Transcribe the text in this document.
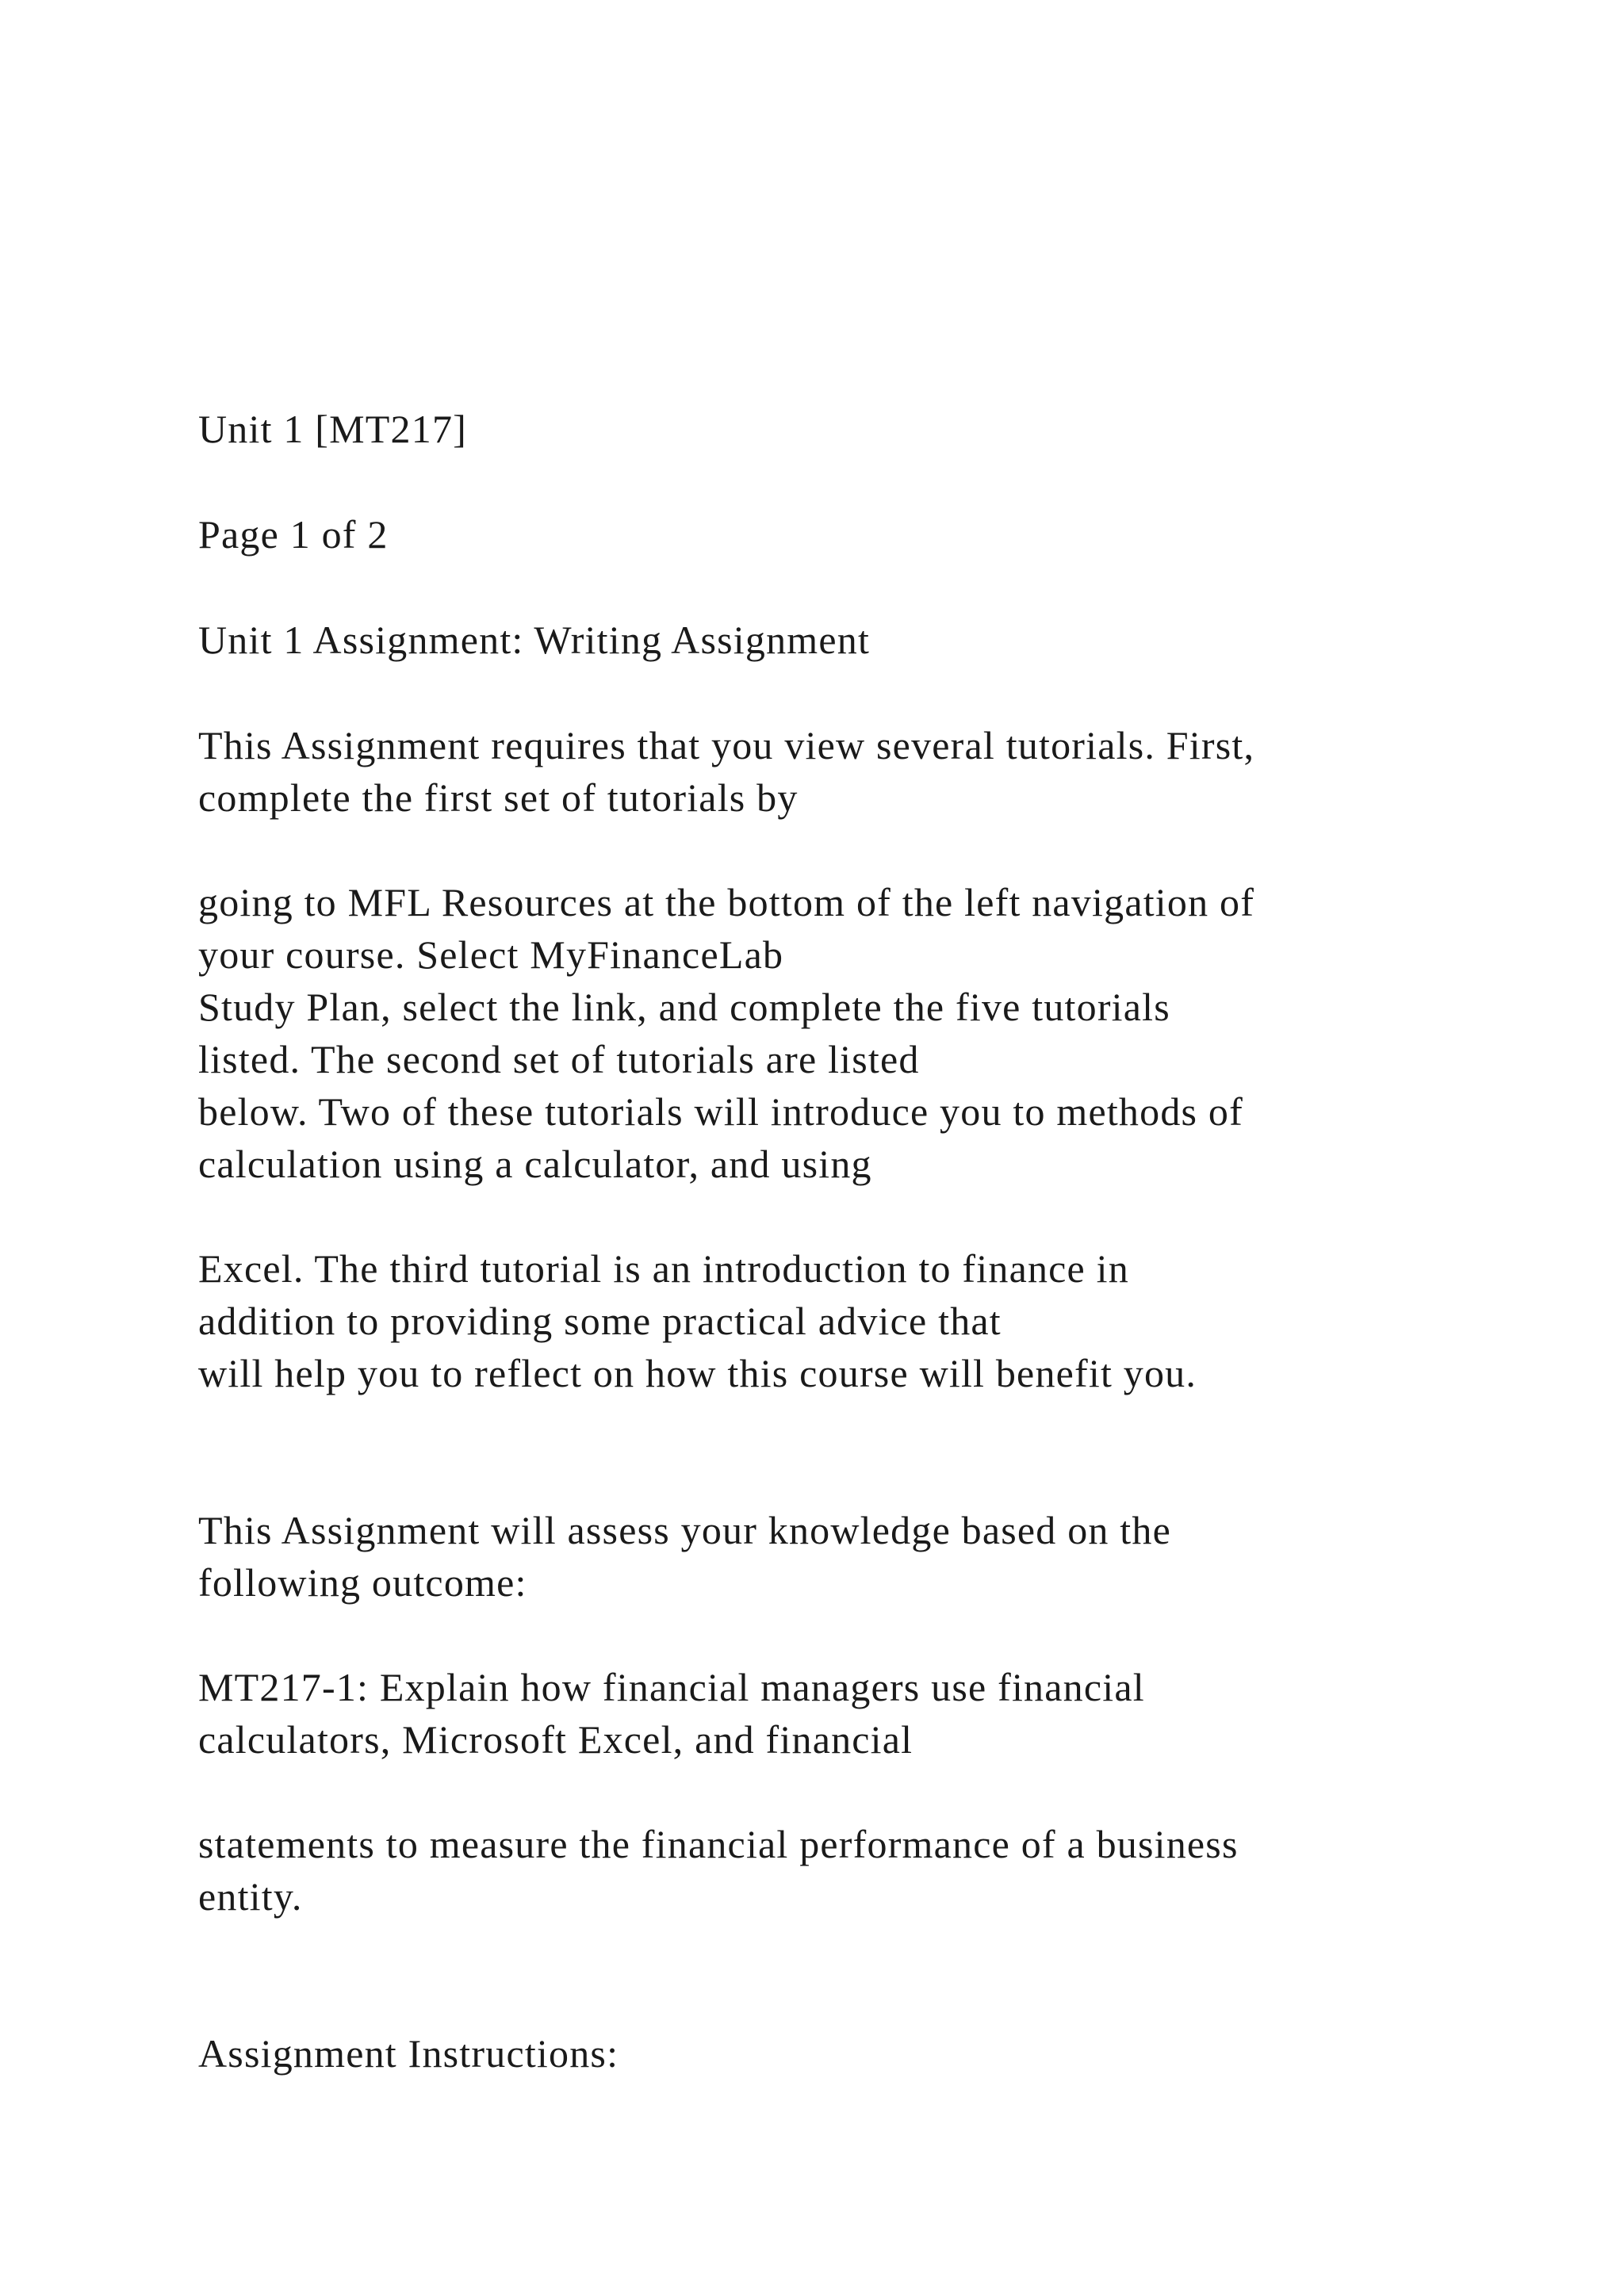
Unit 1 [MT217]

Page 1 of 2

Unit 1 Assignment: Writing Assignment

This Assignment requires that you view several tutorials. First,

complete the first set of tutorials by

going to MFL Resources at the bottom of the left navigation of

your course. Select MyFinanceLab

Study Plan, select the link, and complete the five tutorials

listed. The second set of tutorials are listed

below. Two of these tutorials will introduce you to methods of

calculation using a calculator, and using

Excel. The third tutorial is an introduction to finance in

addition to providing some practical advice that

will help you to reflect on how this course will benefit you.

This Assignment will assess your knowledge based on the

following outcome:

MT217-1: Explain how financial managers use financial

calculators, Microsoft Excel, and financial

statements to measure the financial performance of a business

entity.

Assignment Instructions:
